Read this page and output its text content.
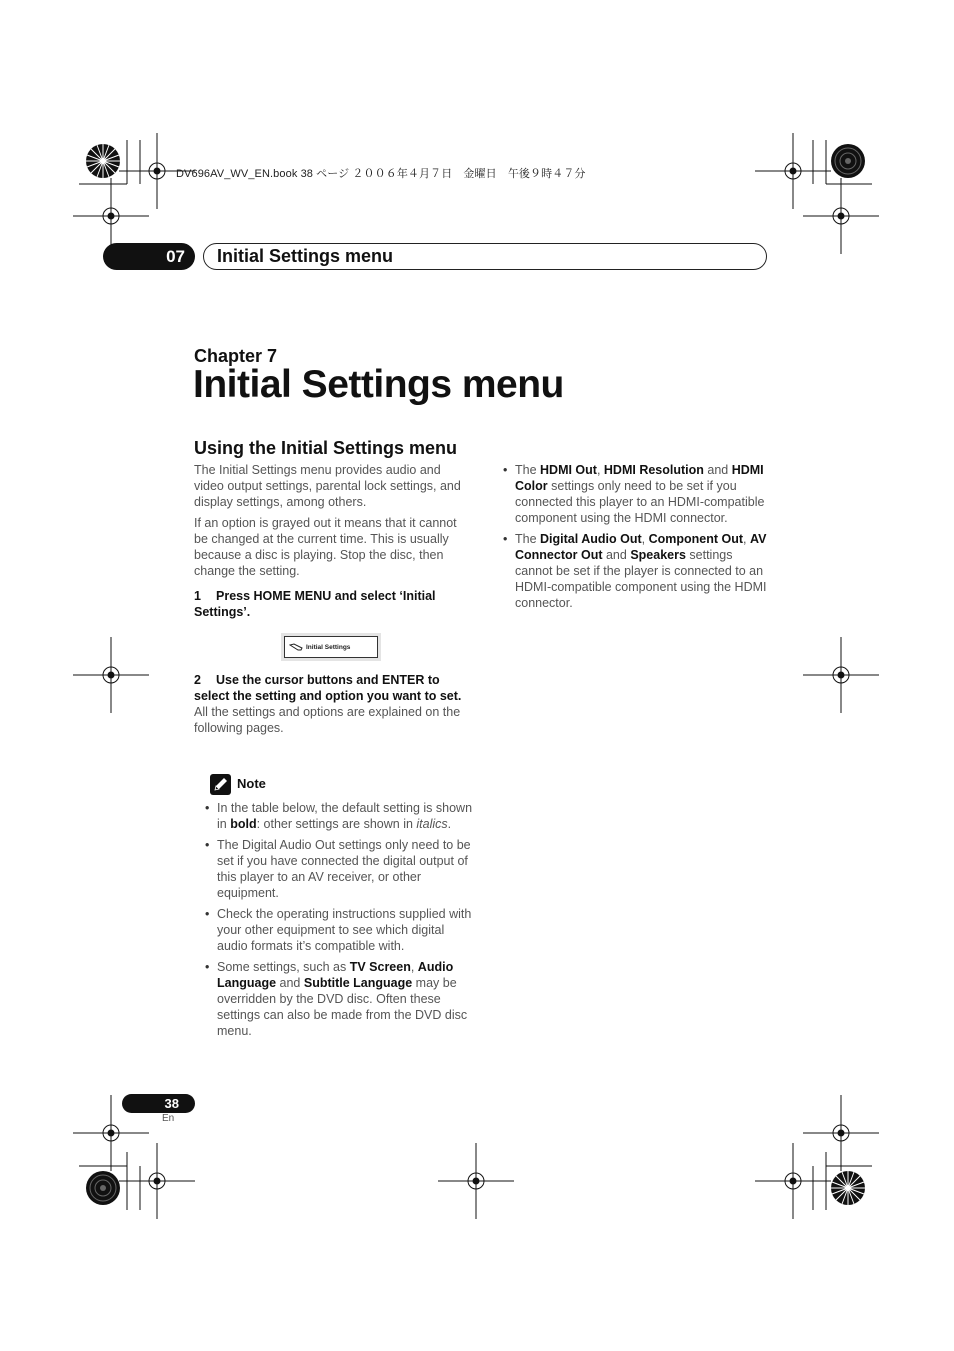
DV696AV_WV_EN.book 38 ページ ２００６年４月７日　金曜日　午後９時４７分
07	Initial Settings menu
Chapter 7
Initial Settings menu
Using the Initial Settings menu

The Initial Settings menu provides audio and video output settings, parental lock settings, and display settings, among others.

If an option is grayed out it means that it cannot be changed at the current time. This is usually because a disc is playing. Stop the disc, then change the setting.

1 Press HOME MENU and select ‘Initial Settings’.
Initial Settings

2 Use the cursor buttons and ENTER to select the setting and option you want to set.

All the settings and options are explained on the following pages.

Note
• In the table below, the default setting is shown in bold: other settings are shown in italics.
• The Digital Audio Out settings only need to be set if you have connected the digital output of this player to an AV receiver, or other equipment.
• Check the operating instructions supplied with your other equipment to see which digital audio formats it’s compatible with.
• Some settings, such as TV Screen, Audio Language and Subtitle Language may be overridden by the DVD disc. Often these settings can also be made from the DVD disc menu.
• The HDMI Out, HDMI Resolution and HDMI Color settings only need to be set if you connected this player to an HDMI-compatible component using the HDMI connector.
• The Digital Audio Out, Component Out, AV Connector Out and Speakers settings cannot be set if the player is connected to an HDMI-compatible component using the HDMI connector.
38
En
